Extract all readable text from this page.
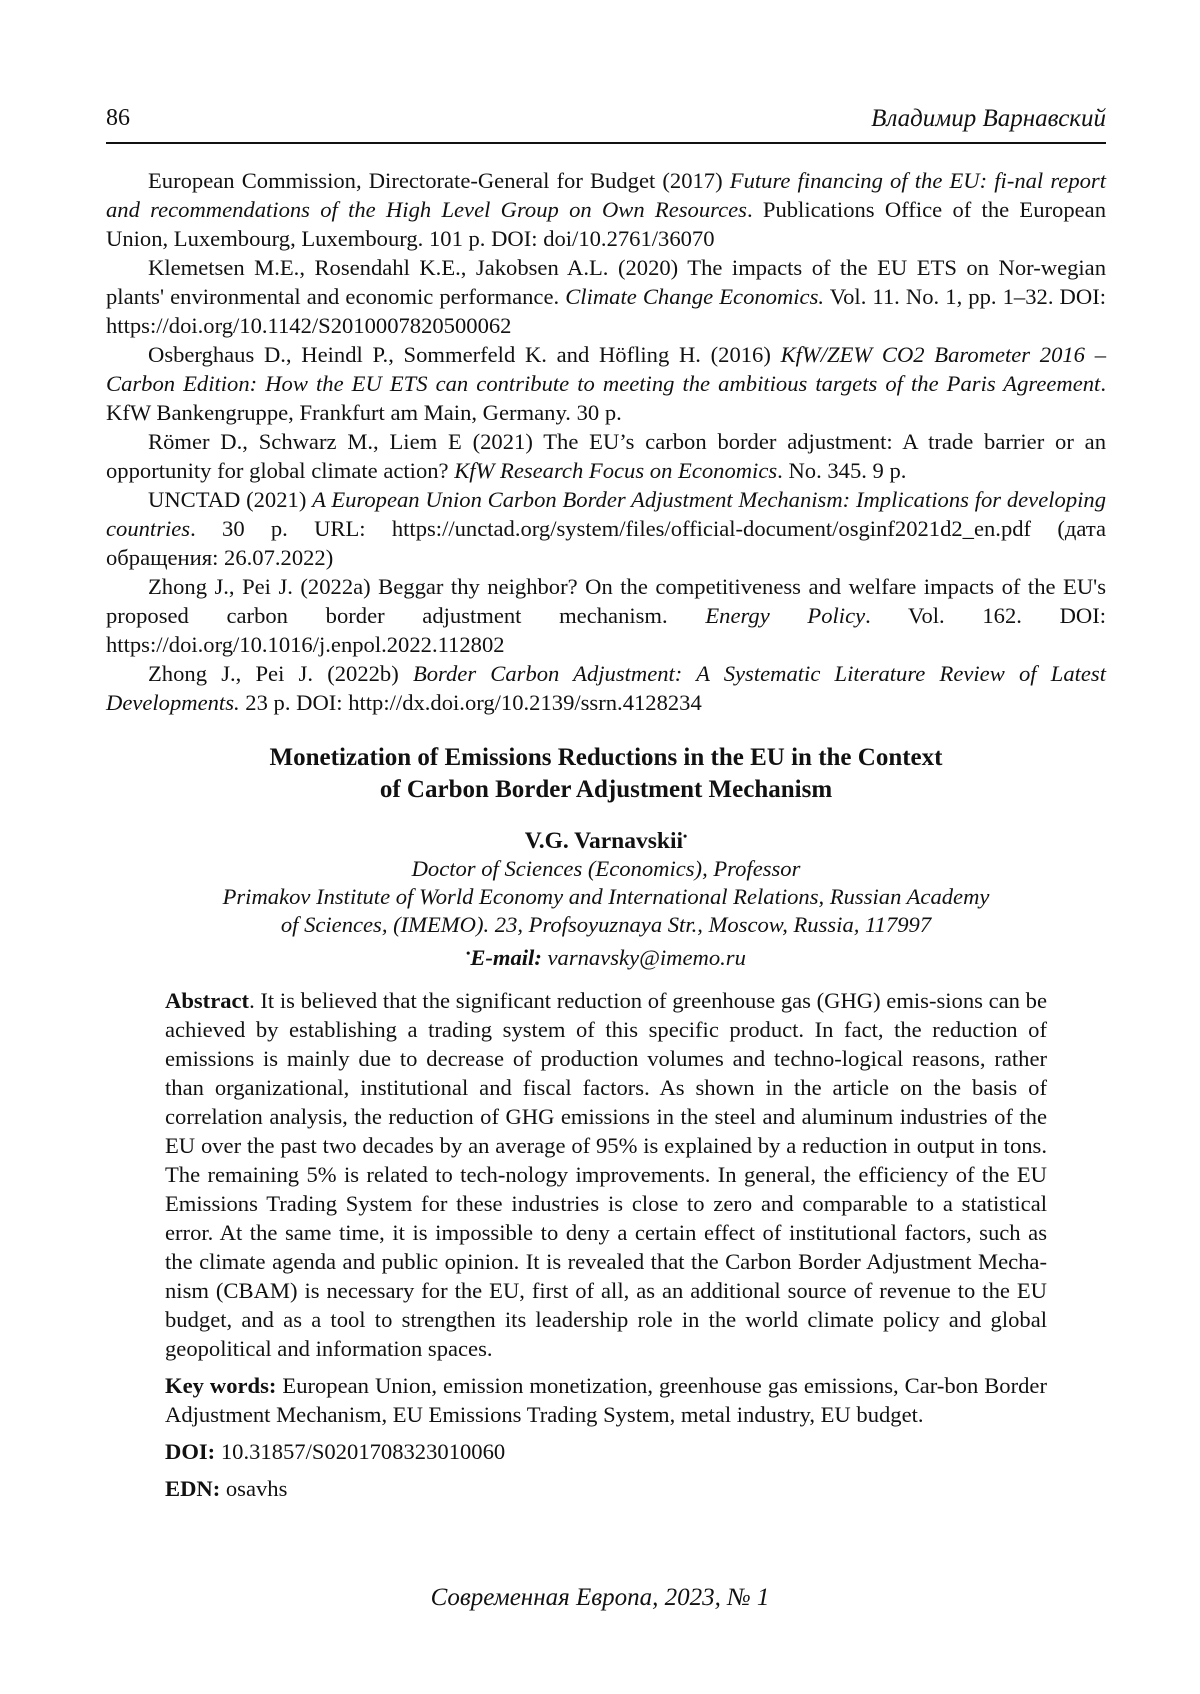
86	Владимир Варнавский

European Commission, Directorate-General for Budget (2017) Future financing of the EU: fi-nal report and recommendations of the High Level Group on Own Resources. Publications Office of the European Union, Luxembourg, Luxembourg. 101 p. DOI: doi/10.2761/36070

Klemetsen M.E., Rosendahl K.E., Jakobsen A.L. (2020) The impacts of the EU ETS on Nor-wegian plants' environmental and economic performance. Climate Change Economics. Vol. 11. No. 1, pp. 1–32. DOI: https://doi.org/10.1142/S2010007820500062

Osberghaus D., Heindl P., Sommerfeld K. and Höfling H. (2016) KfW/ZEW CO2 Barometer 2016 – Carbon Edition: How the EU ETS can contribute to meeting the ambitious targets of the Paris Agreement. KfW Bankengruppe, Frankfurt am Main, Germany. 30 p.

Römer D., Schwarz M., Liem E (2021) The EU’s carbon border adjustment: A trade barrier or an opportunity for global climate action? KfW Research Focus on Economics. No. 345. 9 p.

UNCTAD (2021) A European Union Carbon Border Adjustment Mechanism: Implications for developing countries. 30 p. URL: https://unctad.org/system/files/official-document/osginf2021d2_en.pdf (дата обращения: 26.07.2022)

Zhong J., Pei J. (2022a) Beggar thy neighbor? On the competitiveness and welfare impacts of the EU's proposed carbon border adjustment mechanism. Energy Policy. Vol. 162. DOI: https://doi.org/10.1016/j.enpol.2022.112802

Zhong J., Pei J. (2022b) Border Carbon Adjustment: A Systematic Literature Review of Latest Developments. 23 p. DOI: http://dx.doi.org/10.2139/ssrn.4128234

Monetization of Emissions Reductions in the EU in the Context
of Carbon Border Adjustment Mechanism
V.G. Varnavskii•
Doctor of Sciences (Economics), Professor
Primakov Institute of World Economy and International Relations, Russian Academy
of Sciences, (IMEMO). 23, Profsoyuznaya Str., Moscow, Russia, 117997
•E-mail: varnavsky@imemo.ru

Abstract. It is believed that the significant reduction of greenhouse gas (GHG) emis-sions can be achieved by establishing a trading system of this specific product. In fact, the reduction of emissions is mainly due to decrease of production volumes and techno-logical reasons, rather than organizational, institutional and fiscal factors. As shown in the article on the basis of correlation analysis, the reduction of GHG emissions in the steel and aluminum industries of the EU over the past two decades by an average of 95% is explained by a reduction in output in tons. The remaining 5% is related to tech-nology improvements. In general, the efficiency of the EU Emissions Trading System for these industries is close to zero and comparable to a statistical error. At the same time, it is impossible to deny a certain effect of institutional factors, such as the climate agenda and public opinion. It is revealed that the Carbon Border Adjustment Mecha-nism (CBAM) is necessary for the EU, first of all, as an additional source of revenue to the EU budget, and as a tool to strengthen its leadership role in the world climate policy and global geopolitical and information spaces.

Key words: European Union, emission monetization, greenhouse gas emissions, Car-bon Border Adjustment Mechanism, EU Emissions Trading System, metal industry, EU budget.

DOI: 10.31857/S0201708323010060

EDN: osavhs

Современная Европа, 2023, № 1
